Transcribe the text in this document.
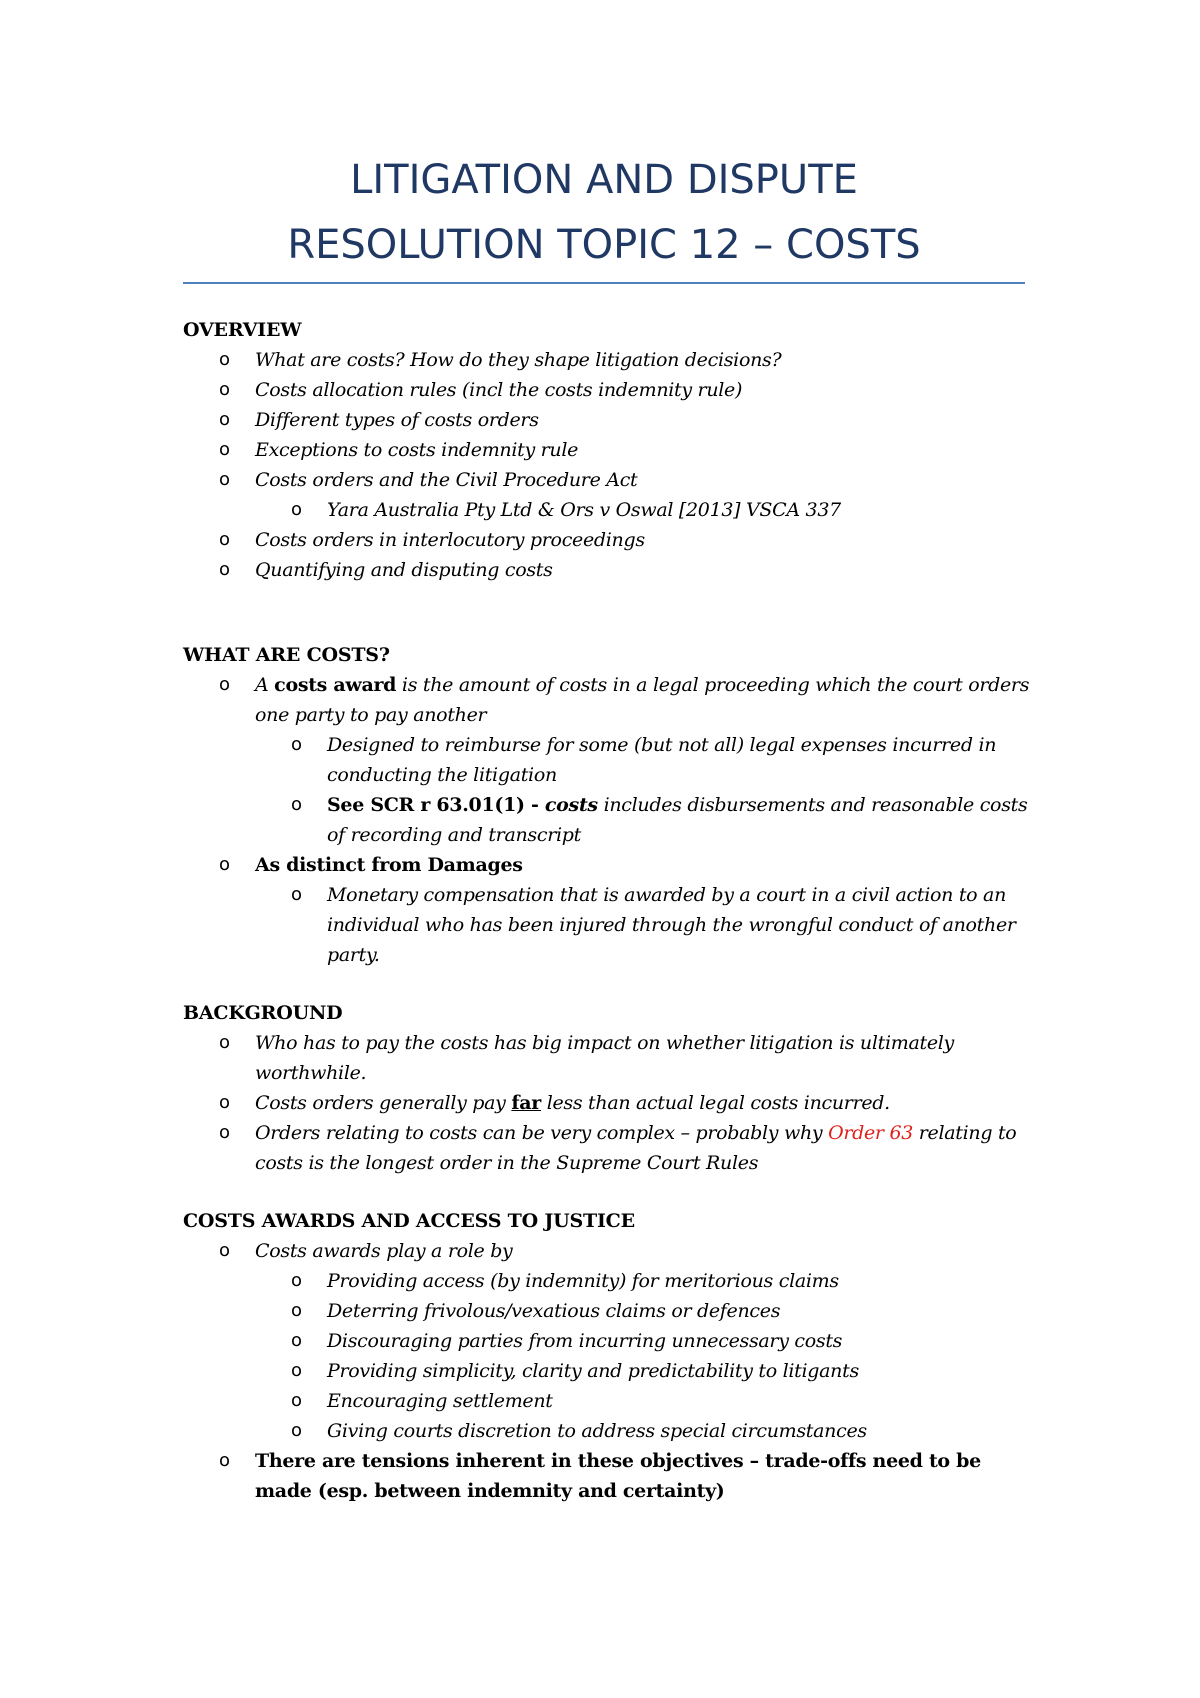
LITIGATION AND DISPUTE
RESOLUTION TOPIC 12 – COSTS

OVERVIEW

o What are costs? How do they shape litigation decisions?
o Costs allocation rules (incl the costs indemnity rule)
o Different types of costs orders
o Exceptions to costs indemnity rule
o Costs orders and the Civil Procedure Act
o Yara Australia Pty Ltd & Ors v Oswal [2013] VSCA 337
o Costs orders in interlocutory proceedings
o Quantifying and disputing costs

WHAT ARE COSTS?

o A costs award is the amount of costs in a legal proceeding which the court orders one party to pay another
o Designed to reimburse for some (but not all) legal expenses incurred in conducting the litigation
o See SCR r 63.01(1) - costs includes disbursements and reasonable costs of recording and transcript
o As distinct from Damages
o Monetary compensation that is awarded by a court in a civil action to an individual who has been injured through the wrongful conduct of another party.

BACKGROUND

o Who has to pay the costs has big impact on whether litigation is ultimately worthwhile.
o Costs orders generally pay far less than actual legal costs incurred.
o Orders relating to costs can be very complex – probably why Order 63 relating to costs is the longest order in the Supreme Court Rules

COSTS AWARDS AND ACCESS TO JUSTICE

o Costs awards play a role by
o Providing access (by indemnity) for meritorious claims
o Deterring frivolous/vexatious claims or defences
o Discouraging parties from incurring unnecessary costs
o Providing simplicity, clarity and predictability to litigants
o Encouraging settlement
o Giving courts discretion to address special circumstances
o There are tensions inherent in these objectives – trade-offs need to be made (esp. between indemnity and certainty)
